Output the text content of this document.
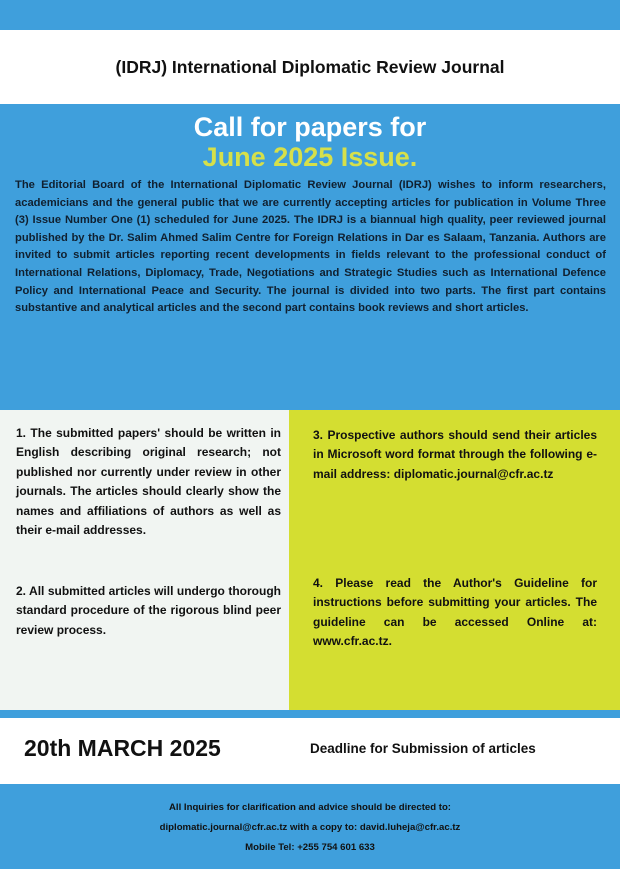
(IDRJ) International Diplomatic Review Journal
Call for papers for
June 2025 Issue.

The Editorial Board of the International Diplomatic Review Journal (IDRJ) wishes to inform researchers, academicians and the general public that we are currently accepting articles for publication in Volume Three (3) Issue Number One (1) scheduled for June 2025. The IDRJ is a biannual high quality, peer reviewed journal published by the Dr. Salim Ahmed Salim Centre for Foreign Relations in Dar es Salaam, Tanzania. Authors are invited to submit articles reporting recent developments in fields relevant to the professional conduct of International Relations, Diplomacy, Trade, Negotiations and Strategic Studies such as International Defence Policy and International Peace and Security. The journal is divided into two parts. The first part contains substantive and analytical articles and the second part contains book reviews and short articles.

1. The submitted papers' should be written in English describing original research; not published nor currently under review in other journals. The articles should clearly show the names and affiliations of authors as well as their e-mail addresses.

2. All submitted articles will undergo thorough standard procedure of the rigorous blind peer review process.

3. Prospective authors should send their articles in Microsoft word format through the following e-mail address: diplomatic.journal@cfr.ac.tz

4. Please read the Author's Guideline for instructions before submitting your articles. The guideline can be accessed Online at: www.cfr.ac.tz.

20th MARCH 2025	Deadline for Submission of articles
All Inquiries for clarification and advice should be directed to:
diplomatic.journal@cfr.ac.tz with a copy to: david.luheja@cfr.ac.tz
Mobile Tel: +255 754 601 633
